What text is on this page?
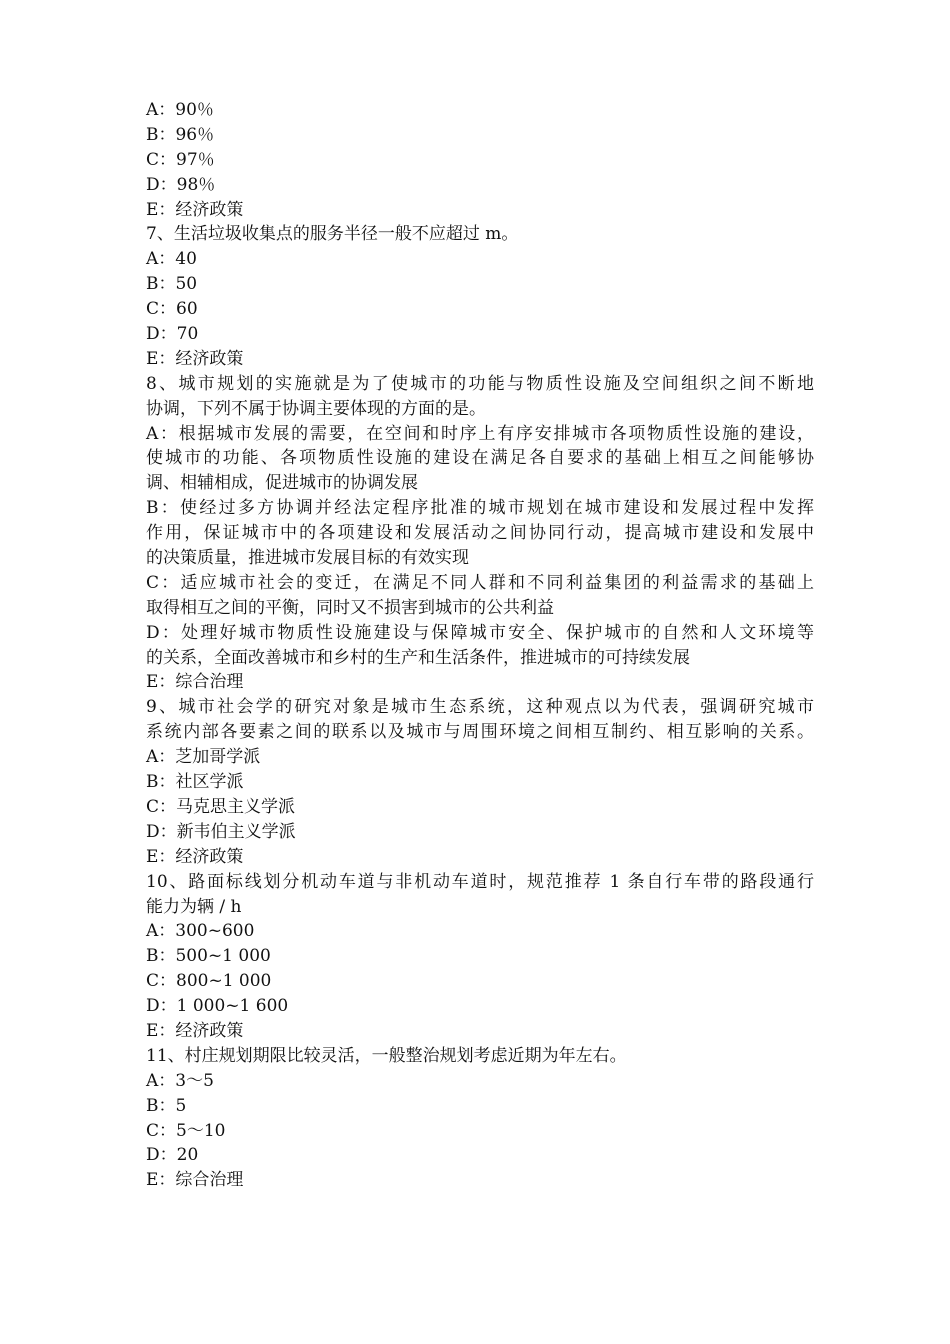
A：90％
B：96％
C：97％
D：98％
E：经济政策
7、生活垃圾收集点的服务半径一般不应超过 m。
A：40
B：50
C：60
D：70
E：经济政策
8、城市规划的实施就是为了使城市的功能与物质性设施及空间组织之间不断地
协调，下列不属于协调主要体现的方面的是。
A：根据城市发展的需要，在空间和时序上有序安排城市各项物质性设施的建设，
使城市的功能、各项物质性设施的建设在满足各自要求的基础上相互之间能够协
调、相辅相成，促进城市的协调发展
B：使经过多方协调并经法定程序批准的城市规划在城市建设和发展过程中发挥
作用，保证城市中的各项建设和发展活动之间协同行动，提高城市建设和发展中
的决策质量，推进城市发展目标的有效实现
C：适应城市社会的变迁，在满足不同人群和不同利益集团的利益需求的基础上
取得相互之间的平衡，同时又不损害到城市的公共利益
D：处理好城市物质性设施建设与保障城市安全、保护城市的自然和人文环境等
的关系，全面改善城市和乡村的生产和生活条件，推进城市的可持续发展
E：综合治理
9、城市社会学的研究对象是城市生态系统，这种观点以为代表，强调研究城市
系统内部各要素之间的联系以及城市与周围环境之间相互制约、相互影响的关系。
A：芝加哥学派
B：社区学派
C：马克思主义学派
D：新韦伯主义学派
E：经济政策
10、路面标线划分机动车道与非机动车道时，规范推荐 1 条自行车带的路段通行
能力为辆 / h
A：300~600
B：500~1 000
C：800~1 000
D：1 000~1 600
E：经济政策
11、村庄规划期限比较灵活，一般整治规划考虑近期为年左右。
A：3～5
B：5
C：5～10
D：20
E：综合治理
